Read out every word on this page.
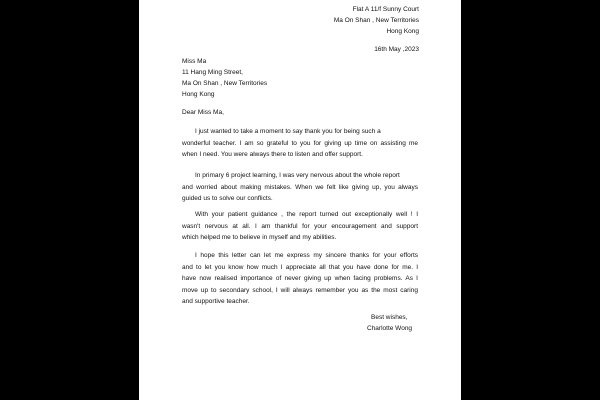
Flat A 11/f Sunny Court
Ma On Shan , New Territories
Hong Kong
16th May ,2023
Miss Ma
11 Hang Ming Street,
Ma On Shan , New Territories
Hong Kong
Dear Miss Ma,
I just wanted to take a moment to say thank you for being such a
wonderful teacher. I am so grateful to you for giving up time on assisting me
when I need. You were always there to listen and offer support.
In primary 6 project learning, I was very nervous about the whole report
and worried about making mistakes. When we felt like giving up, you always
guided us to solve our conflicts.
With your patient guidance , the report turned out exceptionally well ! I
wasn't nervous at all. I am thankful for your encouragement and support
which helped me to believe in myself and my abilities.
I hope this letter can let me express my sincere thanks for your efforts
and to let you know how much I appreciate all that you have done for me. I
have now realised importance of never giving up when facing problems. As I
move up to secondary school, I will always remember you as the most caring
and supportive teacher.
Best wishes,
Charlotte Wong
